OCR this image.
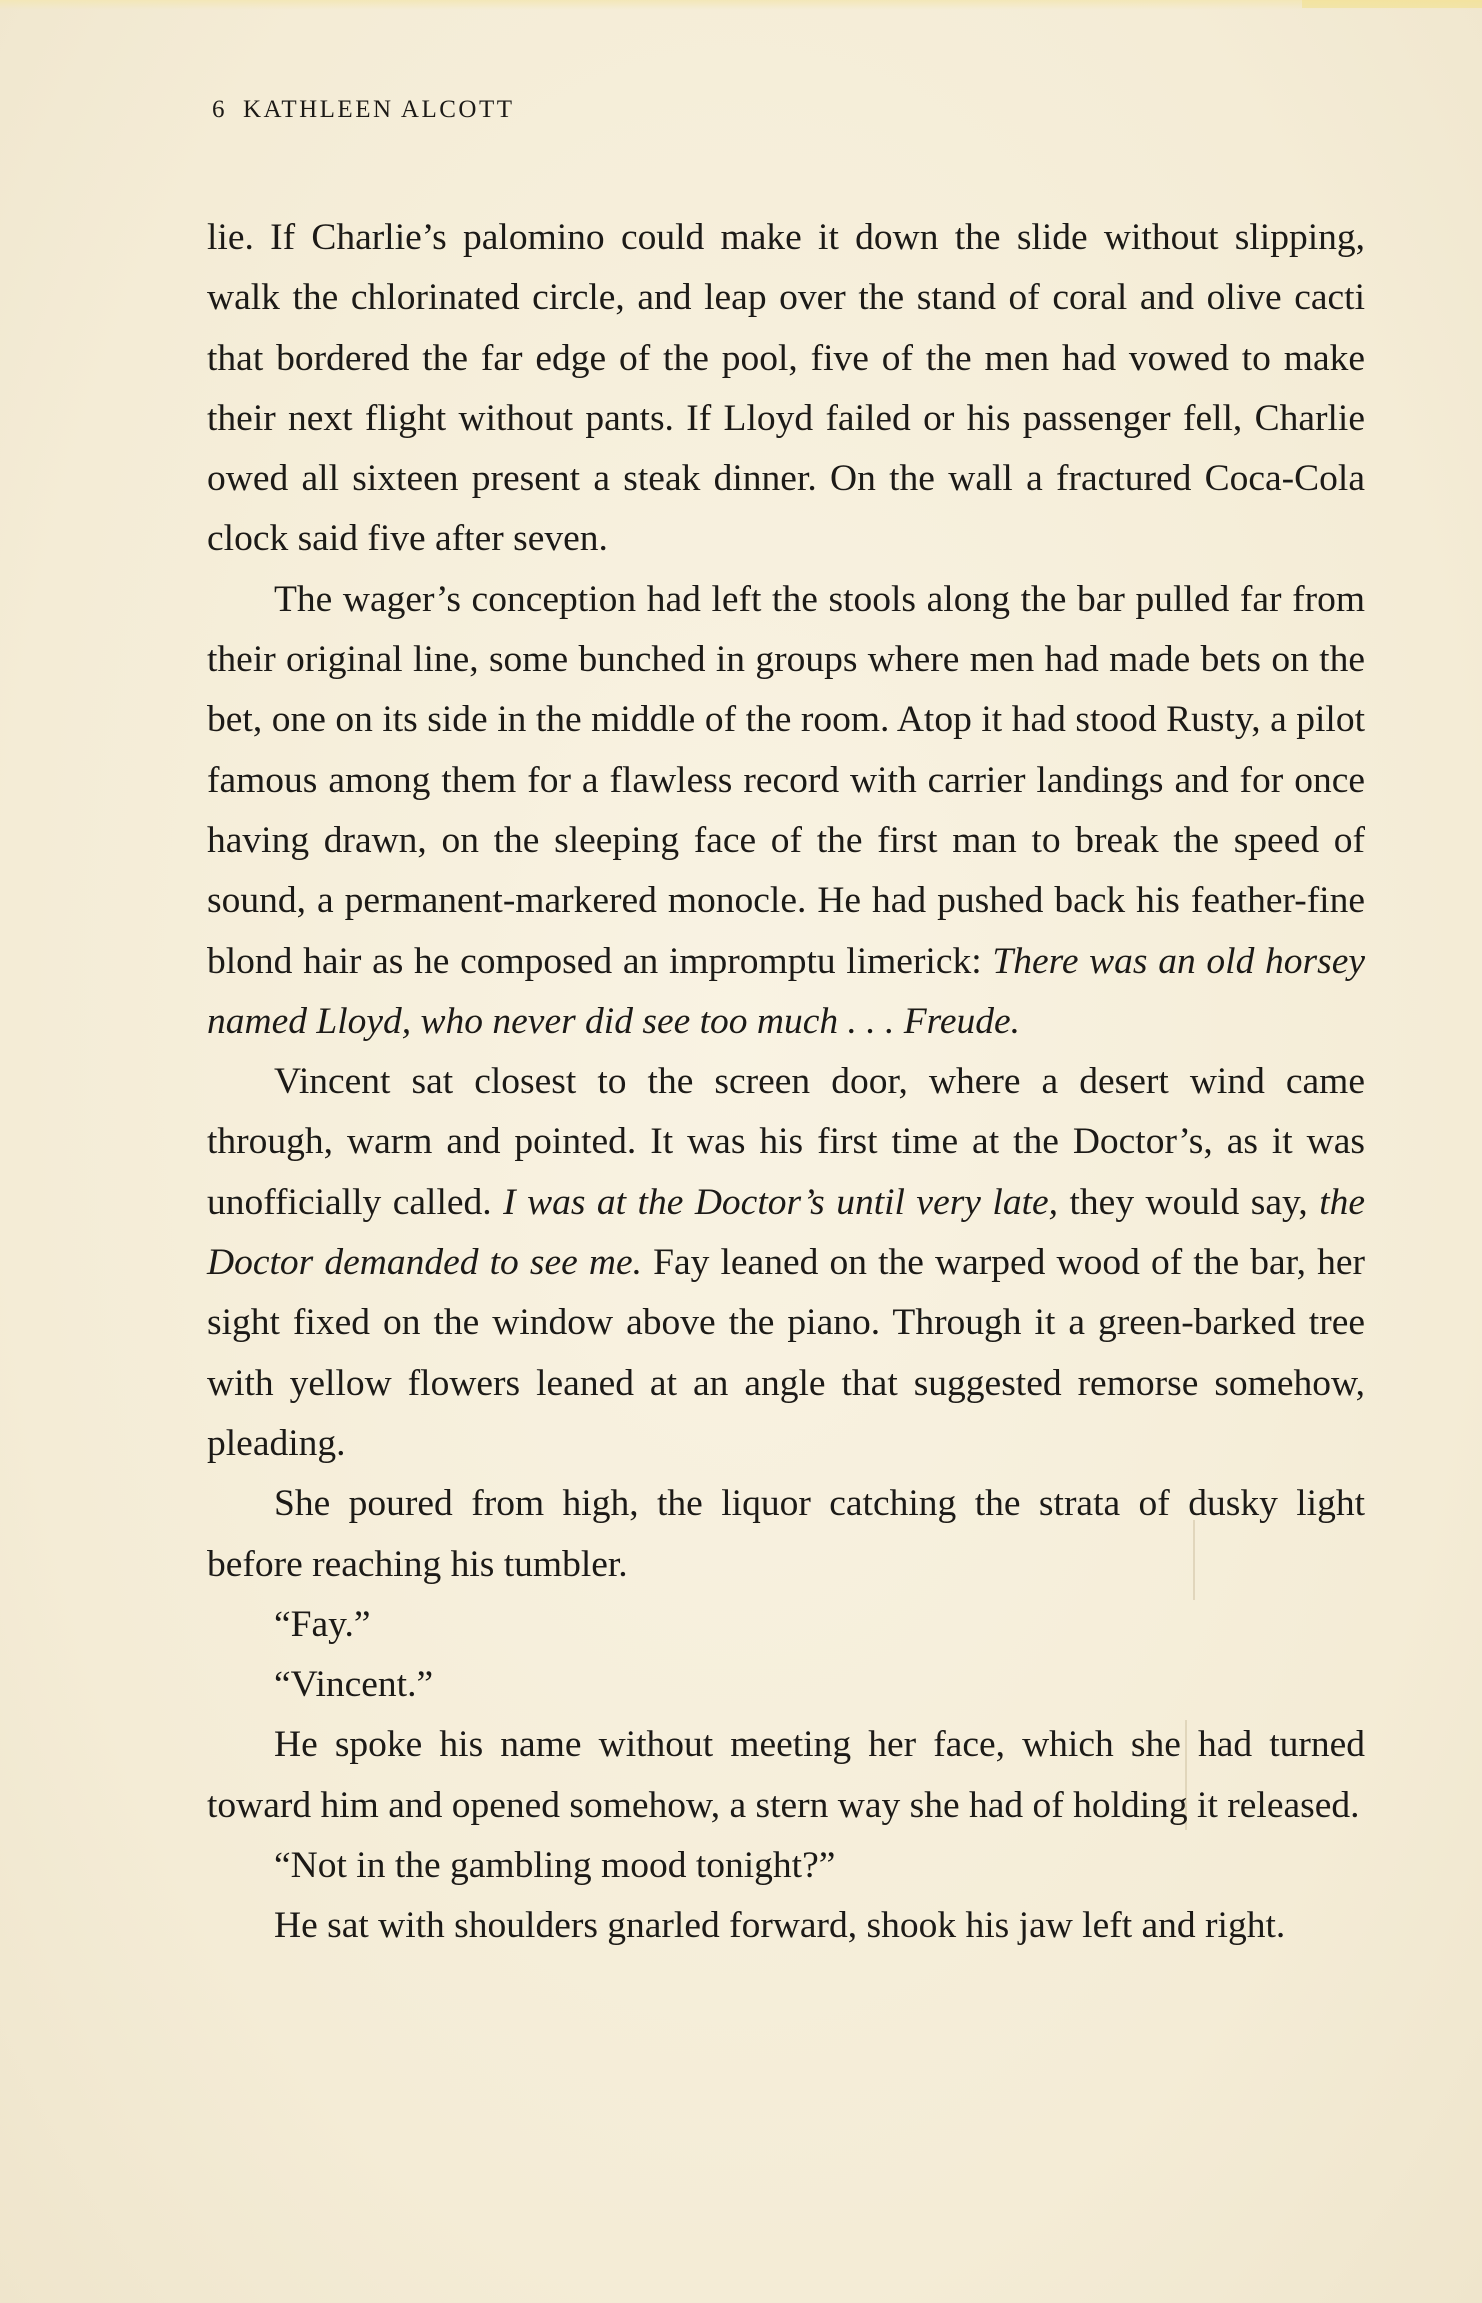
6 KATHLEEN ALCOTT

lie. If Charlie’s palomino could make it down the slide without slipping, walk the chlorinated circle, and leap over the stand of coral and olive cacti that bordered the far edge of the pool, five of the men had vowed to make their next flight without pants. If Lloyd failed or his passenger fell, Charlie owed all sixteen present a steak dinner. On the wall a fractured Coca-Cola clock said five after seven.

The wager’s conception had left the stools along the bar pulled far from their original line, some bunched in groups where men had made bets on the bet, one on its side in the middle of the room. Atop it had stood Rusty, a pilot famous among them for a flawless record with carrier landings and for once having drawn, on the sleeping face of the first man to break the speed of sound, a permanent-markered monocle. He had pushed back his feather-fine blond hair as he composed an impromptu limerick: There was an old horsey named Lloyd, who never did see too much . . . Freude.

Vincent sat closest to the screen door, where a desert wind came through, warm and pointed. It was his first time at the Doctor’s, as it was unofficially called. I was at the Doctor’s until very late, they would say, the Doctor demanded to see me. Fay leaned on the warped wood of the bar, her sight fixed on the window above the piano. Through it a green-barked tree with yellow flowers leaned at an angle that suggested remorse somehow, pleading.

She poured from high, the liquor catching the strata of dusky light before reaching his tumbler.

“Fay.”

“Vincent.”

He spoke his name without meeting her face, which she had turned toward him and opened somehow, a stern way she had of holding it released.

“Not in the gambling mood tonight?”

He sat with shoulders gnarled forward, shook his jaw left and right.
